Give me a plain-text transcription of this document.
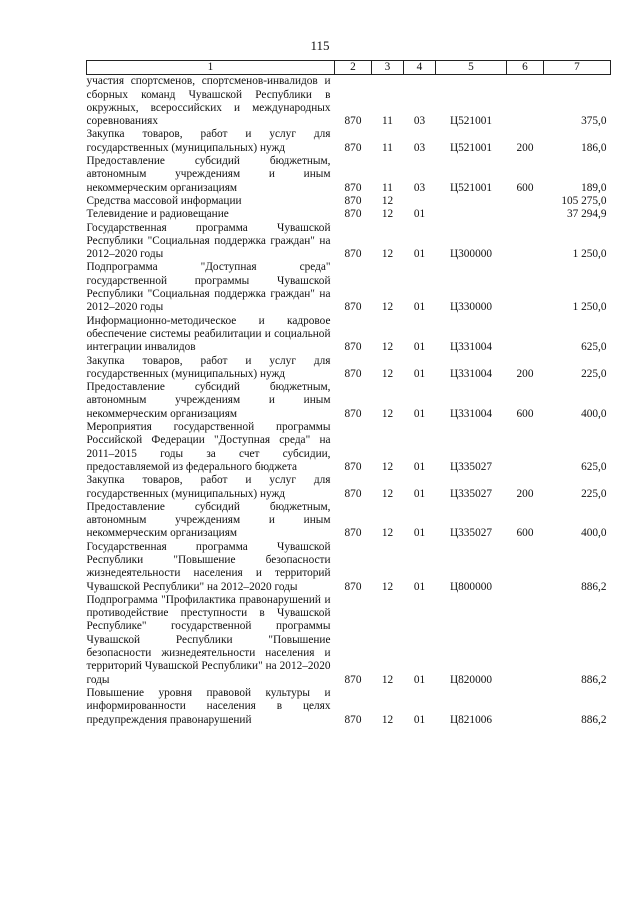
115
1	2	3	4	5	6	7
участия спортсменов, спортсменов-инвалидов и сборных команд Чувашской Республики в окружных, всероссийских и международных соревнованиях	870	11	03	Ц521001		375,0
Закупка товаров, работ и услуг для государственных (муниципальных) нужд	870	11	03	Ц521001	200	186,0
Предоставление субсидий бюджетным, автономным учреждениям и иным некоммерческим организациям	870	11	03	Ц521001	600	189,0
Средства массовой информации	870	12				105 275,0
Телевидение и радиовещание	870	12	01			37 294,9
Государственная программа Чувашской Республики "Социальная поддержка граждан" на 2012–2020 годы	870	12	01	Ц300000		1 250,0
Подпрограмма "Доступная среда" государственной программы Чувашской Республики "Социальная поддержка граждан" на 2012–2020 годы	870	12	01	Ц330000		1 250,0
Информационно-методическое и кадровое обеспечение системы реабилитации и социальной интеграции инвалидов	870	12	01	Ц331004		625,0
Закупка товаров, работ и услуг для государственных (муниципальных) нужд	870	12	01	Ц331004	200	225,0
Предоставление субсидий бюджетным, автономным учреждениям и иным некоммерческим организациям	870	12	01	Ц331004	600	400,0
Мероприятия государственной программы Российской Федерации "Доступная среда" на 2011–2015 годы за счет субсидии, предоставляемой из федерального бюджета	870	12	01	Ц335027		625,0
Закупка товаров, работ и услуг для государственных (муниципальных) нужд	870	12	01	Ц335027	200	225,0
Предоставление субсидий бюджетным, автономным учреждениям и иным некоммерческим организациям	870	12	01	Ц335027	600	400,0
Государственная программа Чувашской Республики "Повышение безопасности жизнедеятельности населения и территорий Чувашской Республики" на 2012–2020 годы	870	12	01	Ц800000		886,2
Подпрограмма "Профилактика правонарушений и противодействие преступности в Чувашской Республике" государственной программы Чувашской Республики "Повышение безопасности жизнедеятельности населения и территорий Чувашской Республики" на 2012–2020 годы	870	12	01	Ц820000		886,2
Повышение уровня правовой культуры и информированности населения в целях предупреждения правонарушений	870	12	01	Ц821006		886,2
